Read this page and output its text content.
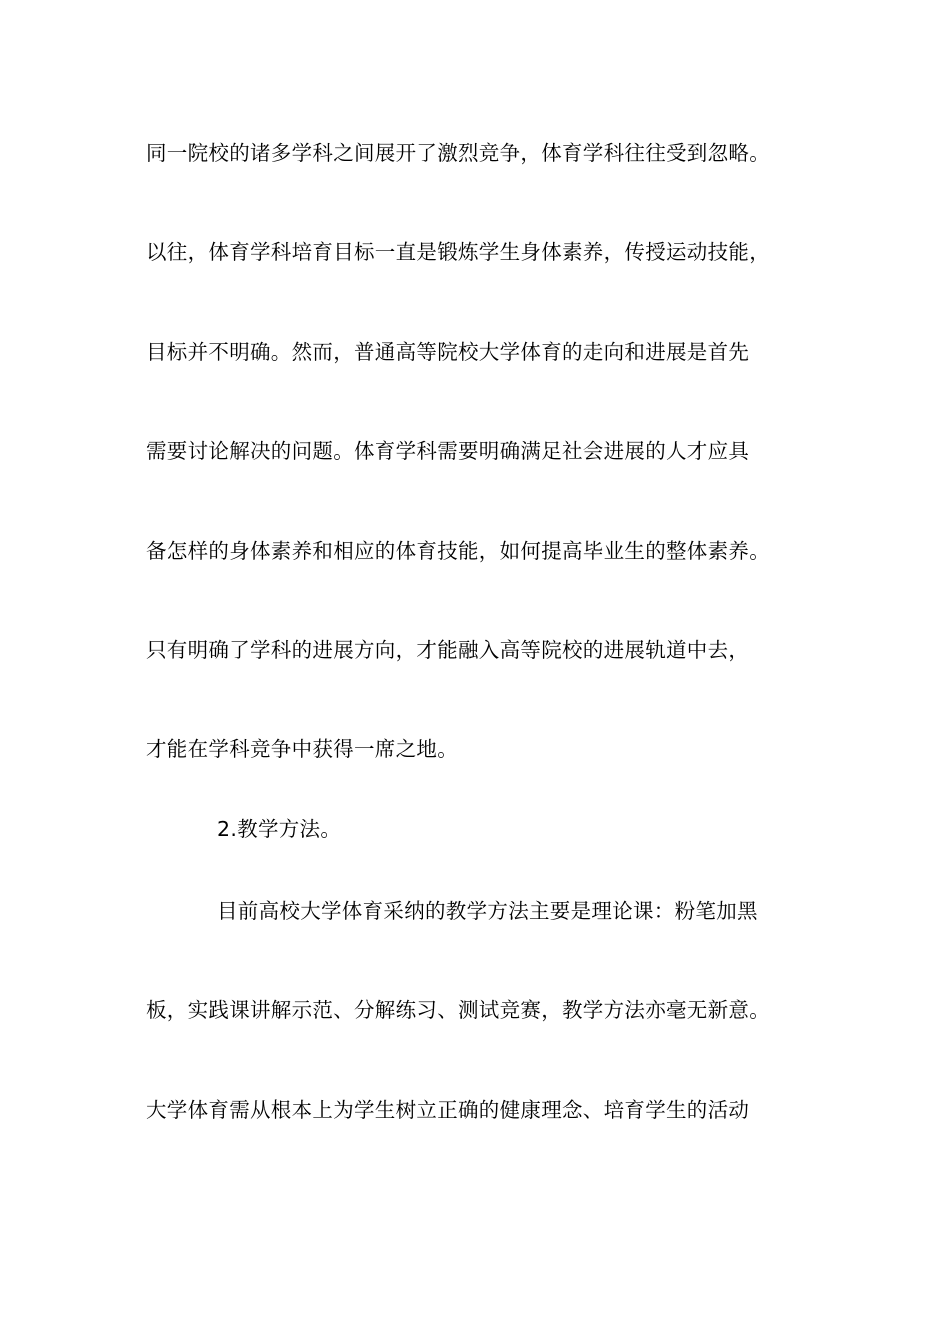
同一院校的诸多学科之间展开了激烈竞争，体育学科往往受到忽略。
以往，体育学科培育目标一直是锻炼学生身体素养，传授运动技能，
目标并不明确。然而，普通高等院校大学体育的走向和进展是首先
需要讨论解决的问题。体育学科需要明确满足社会进展的人才应具
备怎样的身体素养和相应的体育技能，如何提高毕业生的整体素养。
只有明确了学科的进展方向，才能融入高等院校的进展轨道中去，
才能在学科竞争中获得一席之地。
2.教学方法。
目前高校大学体育采纳的教学方法主要是理论课：粉笔加黑
板，实践课讲解示范、分解练习、测试竞赛，教学方法亦毫无新意。
大学体育需从根本上为学生树立正确的健康理念、培育学生的活动
